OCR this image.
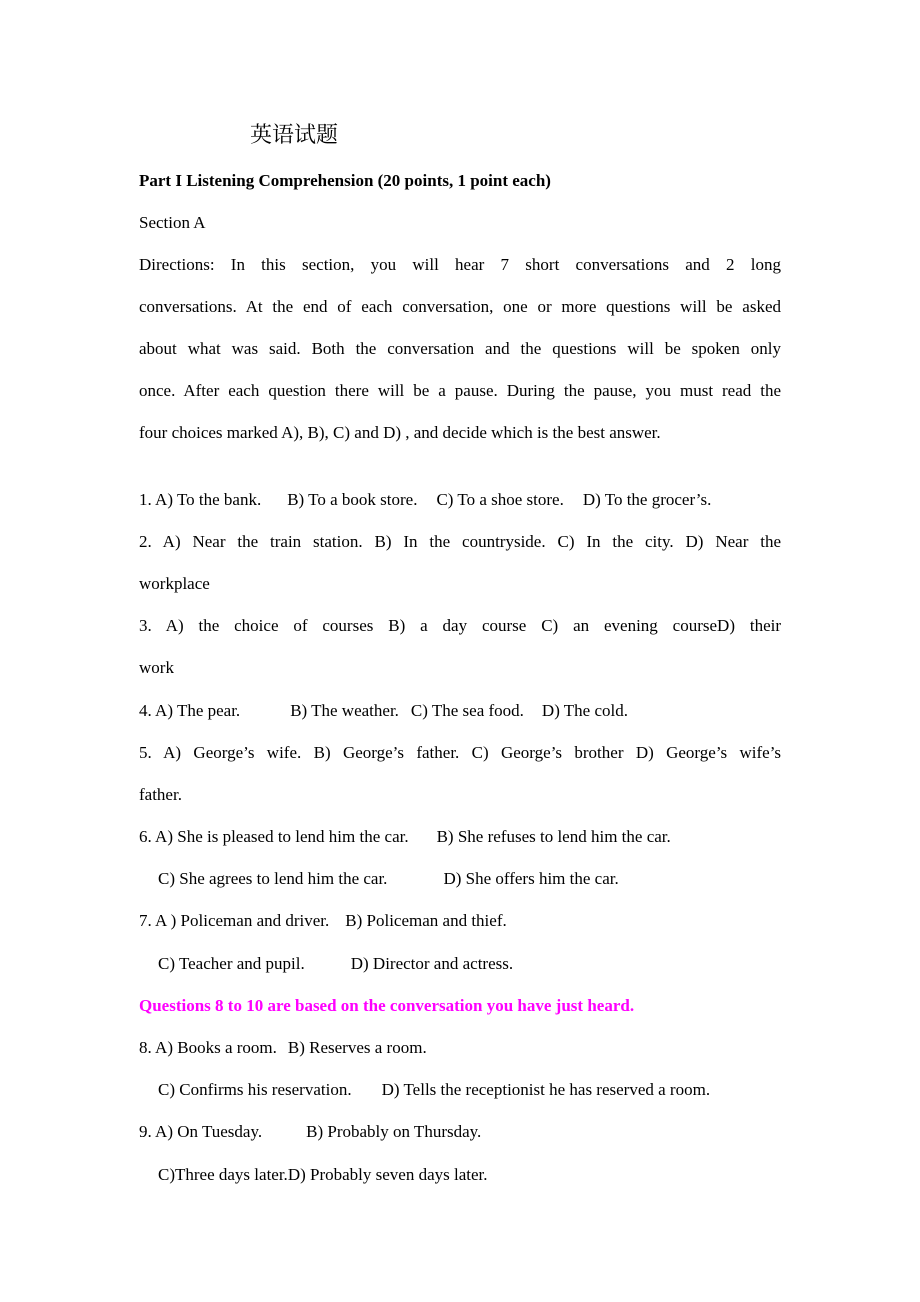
英语试题
Part I Listening Comprehension (20 points, 1 point each)
Section A
Directions: In this section, you will hear 7 short conversations and 2 long
conversations. At the end of each conversation, one or more questions will be asked
about what was said. Both the conversation and the questions will be spoken only
once. After each question there will be a pause. During the pause, you must read the
four choices marked A), B), C) and D) , and decide which is the best answer.
1. A) To the bank. B) To a book store. C) To a shoe store. D) To the grocer’s.
2. A) Near the train station. B) In the countryside. C) In the city. D) Near the
workplace
3. A) the choice of courses B) a day course C) an evening courseD) their
work
4. A) The pear.	B) The weather. C) The sea food. D) The cold.
5. A) George’s wife. B) George’s father. C) George’s brother D) George’s wife’s
father.
6. A) She is pleased to lend him the car. B) She refuses to lend him the car.
C) She agrees to lend him the car.	D) She offers him the car.
7. A ) Policeman and driver. B) Policeman and thief.
C) Teacher and pupil.	D) Director and actress.
Questions 8 to 10 are based on the conversation you have just heard.
8. A) Books a room. B) Reserves a room.
C) Confirms his reservation. D) Tells the receptionist he has reserved a room.
9. A) On Tuesday.	B) Probably on Thursday.
C)Three days later.D) Probably seven days later.
